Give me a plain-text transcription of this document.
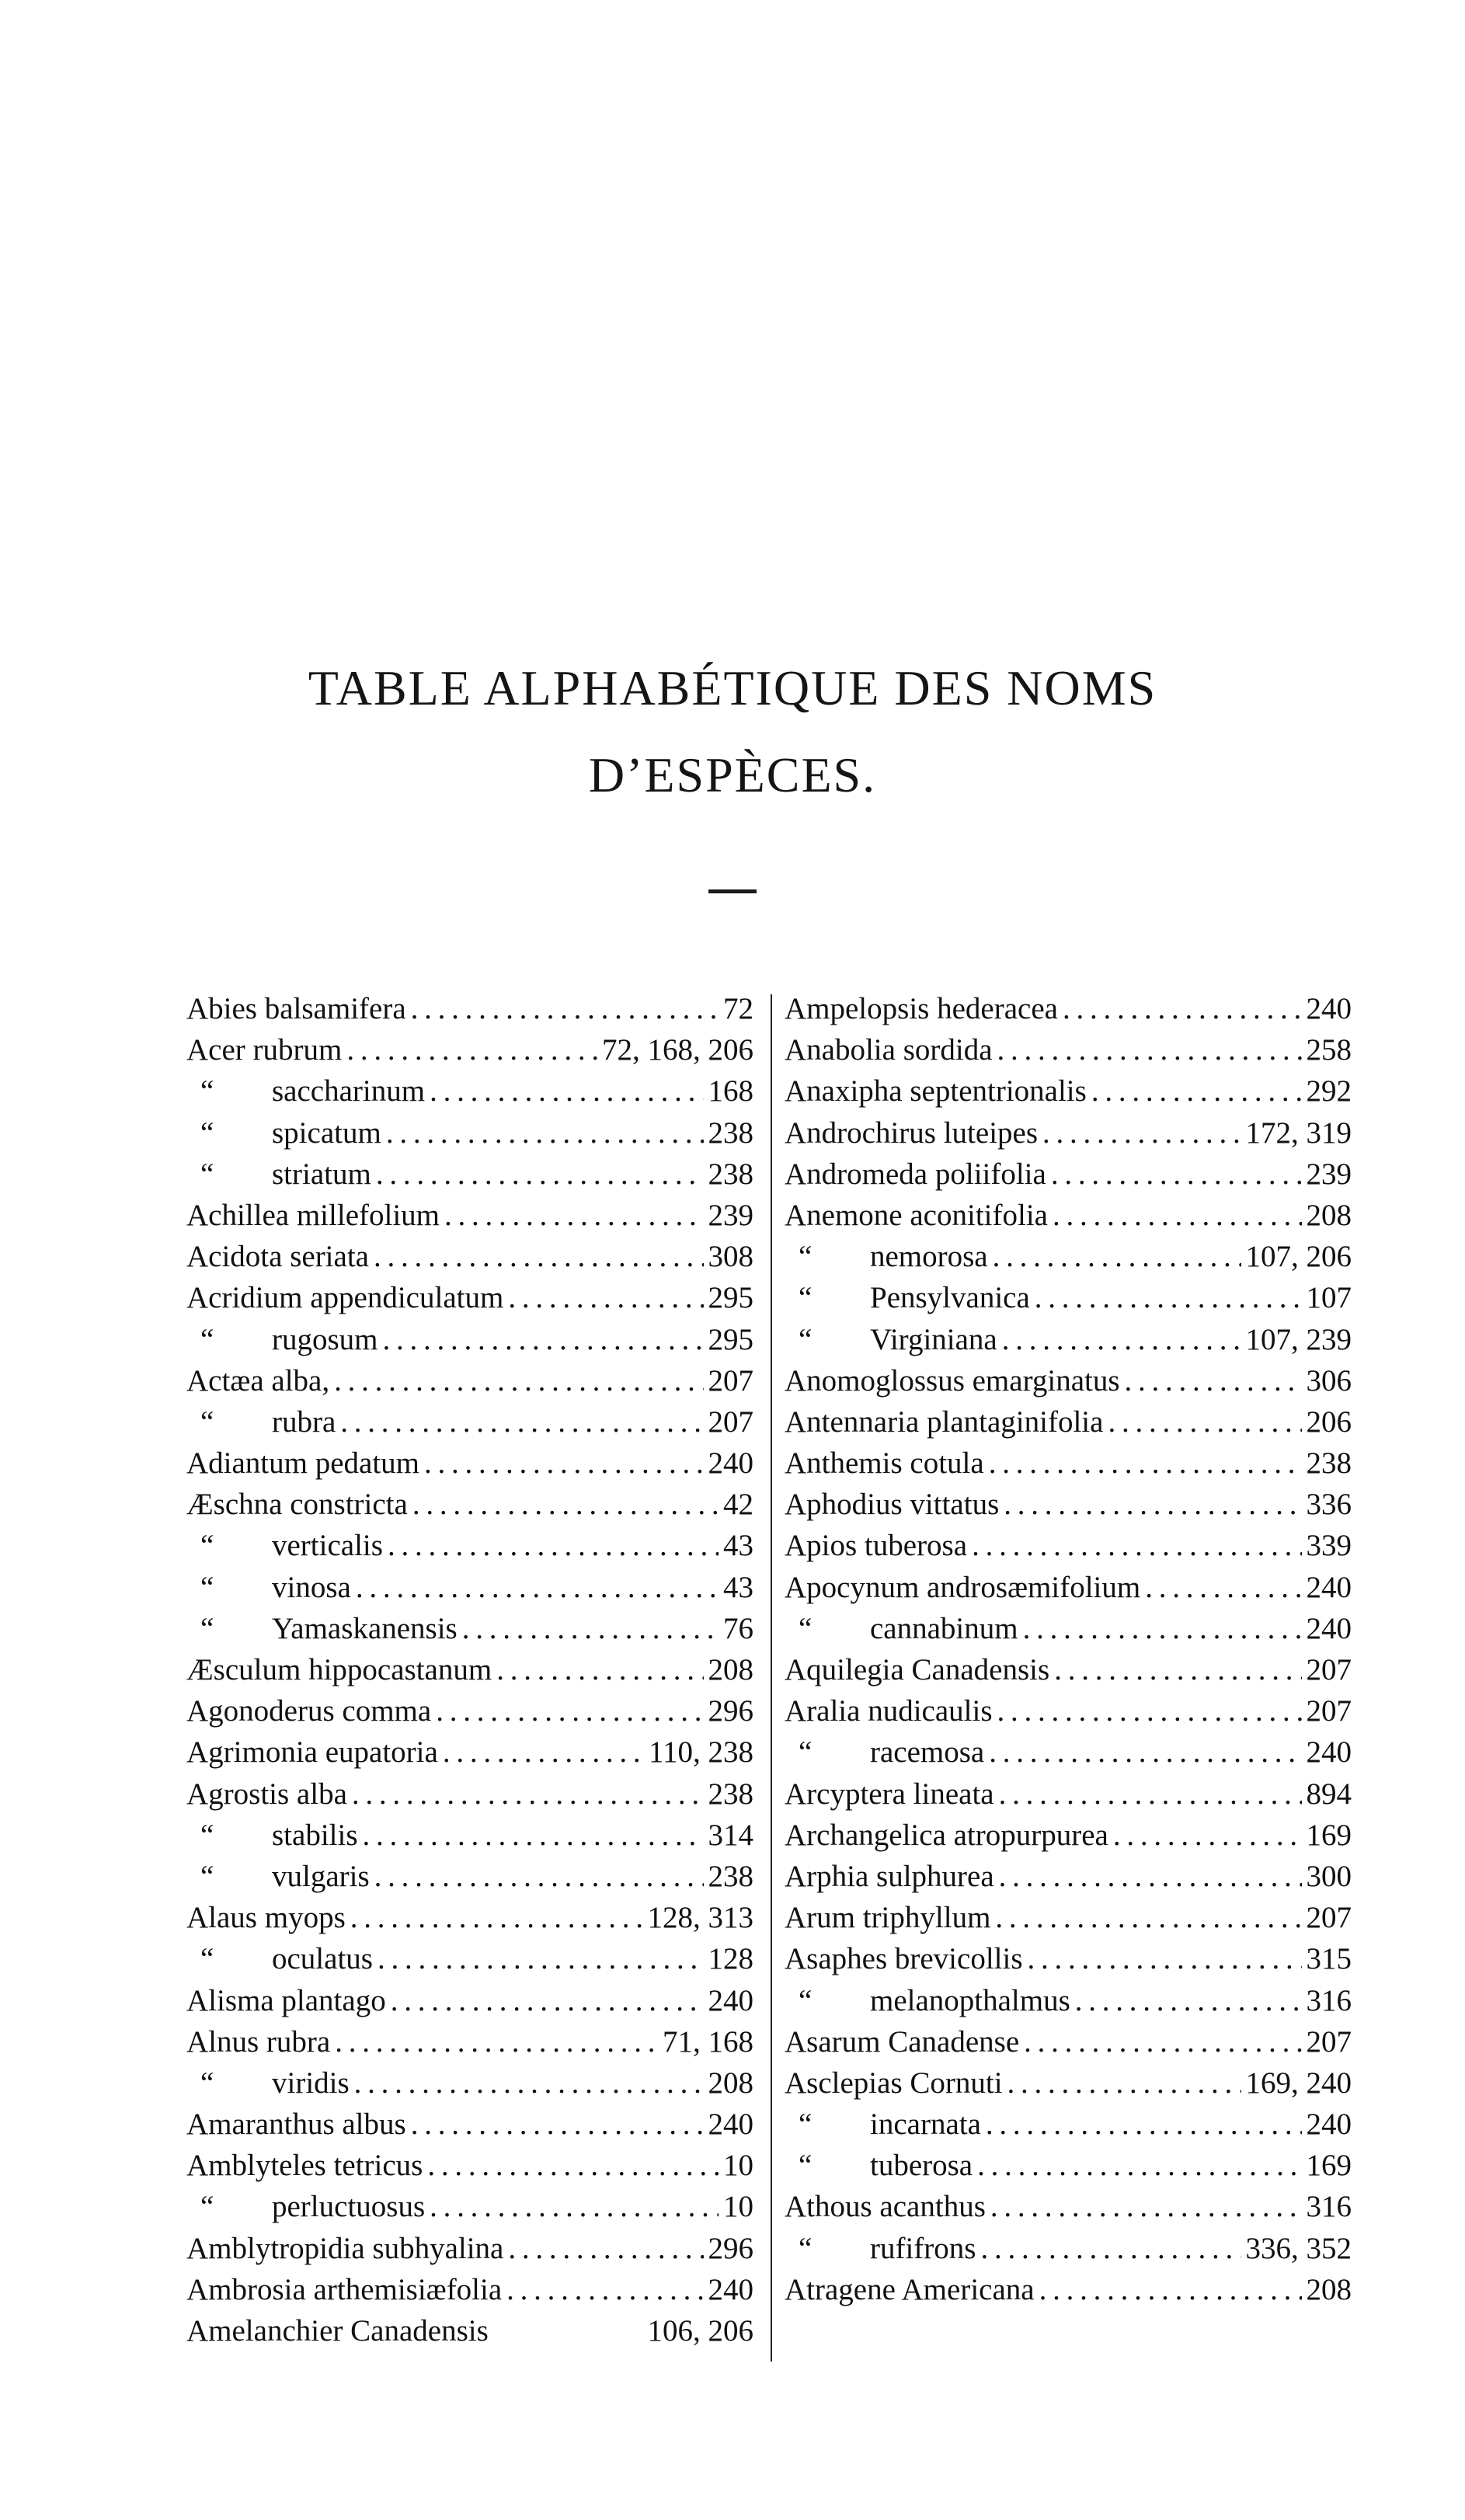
TABLE ALPHABÉTIQUE DES NOMS
D’ESPÈCES.
Abies balsamifera . . .	72
Acer rubrum . . .	72, 168, 206
“	saccharinum . . .	168
“	spicatum . . .	238
“	striatum . . .	238
Achillea millefolium . . .	239
Acidota seriata . . .	308
Acridium appendiculatum . . .	295
“	rugosum . . .	295
Actæa alba, . . .	207
“	rubra . . .	207
Adiantum pedatum . . .	240
Æschna constricta . . .	42
“	verticalis . . .	43
“	vinosa . . .	43
“	Yamaskanensis . . .	76
Æsculum hippocastanum . . .	208
Agonoderus comma . . .	296
Agrimonia eupatoria . . .	110, 238
Agrostis alba . . .	238
“	stabilis . . .	314
“	vulgaris . . .	238
Alaus myops . . .	128, 313
“	oculatus . . .	128
Alisma plantago . . .	240
Alnus rubra . . .	71, 168
“	viridis . . .	208
Amaranthus albus . . .	240
Amblyteles tetricus . . .	10
“	perluctuosus . . .	10
Amblytropidia subhyalina . . .	296
Ambrosia arthemisiæfolia . . .	240
Amelanchier Canadensis	106, 206
Ampelopsis hederacea . . .	240
Anabolia sordida . . .	258
Anaxipha septentrionalis . . .	292
Androchirus luteipes . . .	172, 319
Andromeda poliifolia . . .	239
Anemone aconitifolia . . .	208
“	nemorosa . . .	107, 206
“	Pensylvanica . . .	107
“	Virginiana . . .	107, 239
Anomoglossus emarginatus . . .	306
Antennaria plantaginifolia . . .	206
Anthemis cotula . . .	238
Aphodius vittatus . . .	336
Apios tuberosa . . .	339
Apocynum androsæmifolium . . .	240
“	cannabinum . . .	240
Aquilegia Canadensis . . .	207
Aralia nudicaulis . . .	207
“	racemosa . . .	240
Arcyptera lineata . . .	894
Archangelica atropurpurea . . .	169
Arphia sulphurea . . .	300
Arum triphyllum . . .	207
Asaphes brevicollis . . .	315
“	melanopthalmus . . .	316
Asarum Canadense . . .	207
Asclepias Cornuti . . .	169, 240
“	incarnata . . .	240
“	tuberosa . . .	169
Athous acanthus . . .	316
“	rufifrons . . .	336, 352
Atragene Americana . . .	208
